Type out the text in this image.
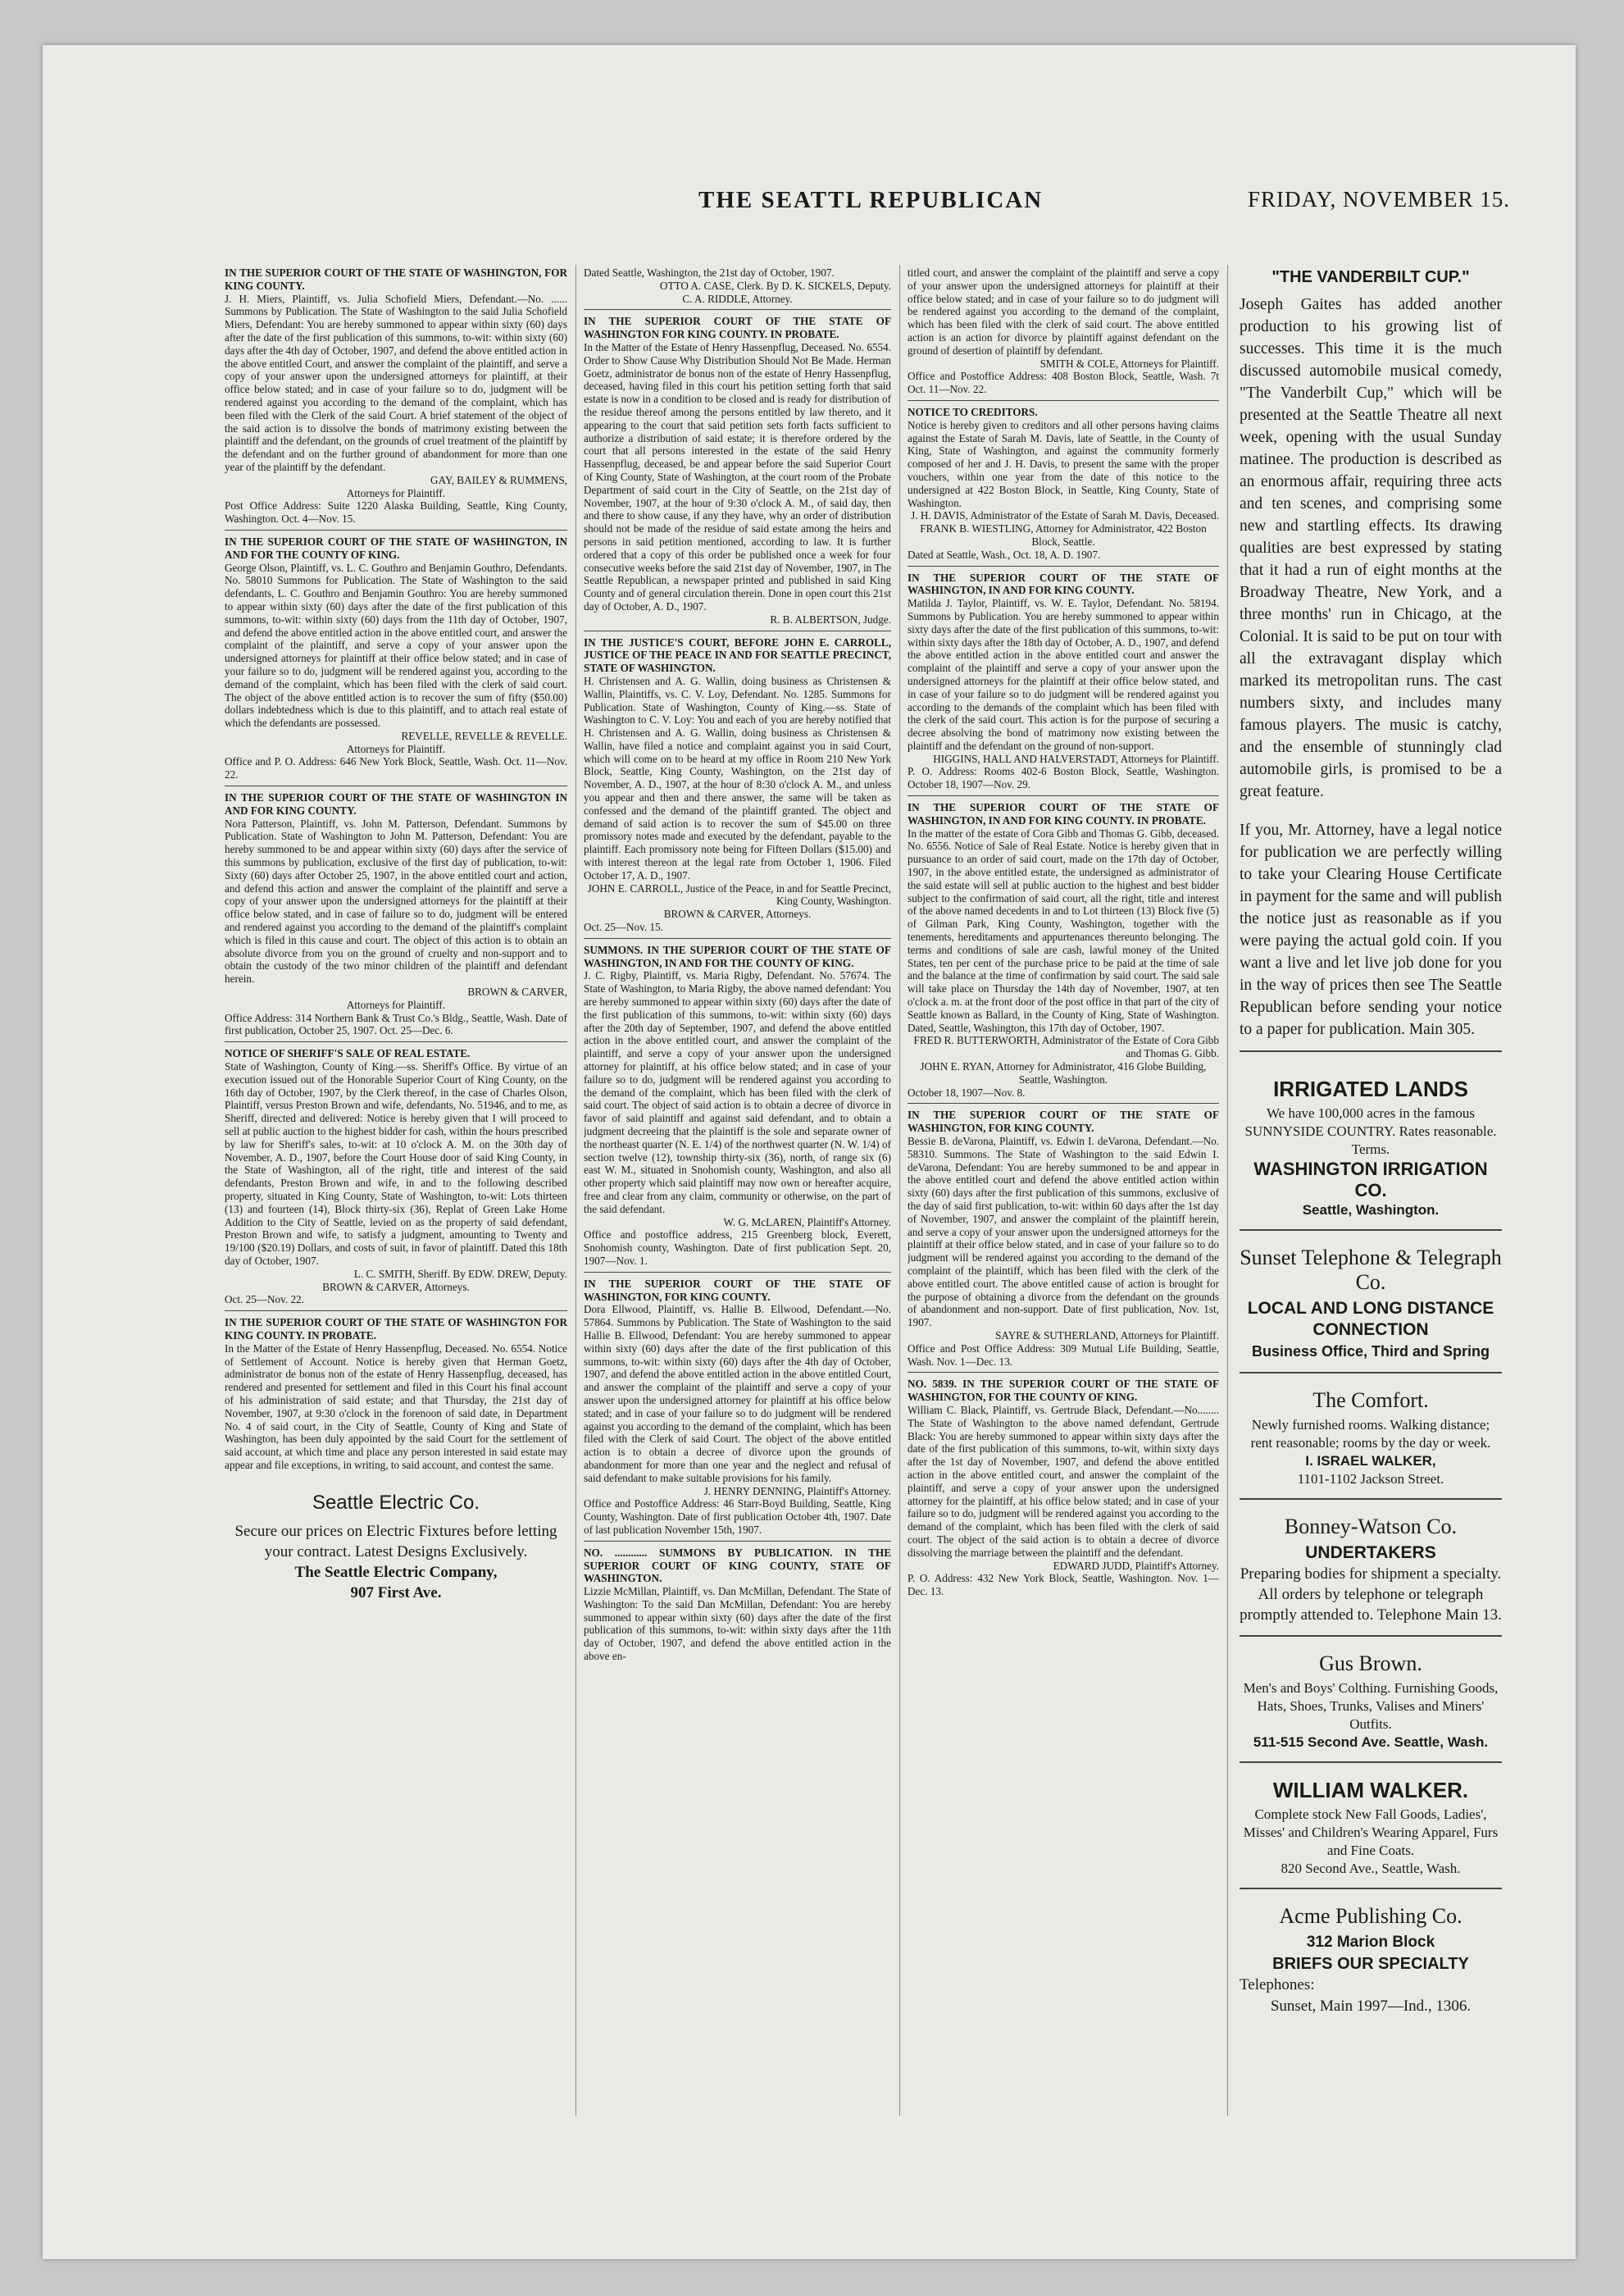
THE SEATTL REPUBLICAN	FRIDAY, NOVEMBER 15.
IN THE SUPERIOR COURT OF THE STATE OF WASHINGTON, FOR KING COUNTY.
J. H. Miers, Plaintiff, vs. Julia Schofield Miers, Defendant.—No. ...... Summons by Publication. The State of Washington to the said Julia Schofield Miers, Defendant: You are hereby summoned to appear within sixty (60) days after the date of the first publication of this summons, to-wit: within sixty (60) days after the 4th day of October, 1907, and defend the above entitled action in the above entitled Court, and answer the complaint of the plaintiff, and serve a copy of your answer upon the undersigned attorneys for plaintiff, at their office below stated; and in case of your failure so to do, judgment will be rendered against you according to the demand of the complaint, which has been filed with the Clerk of the said Court. A brief statement of the object of the said action is to dissolve the bonds of matrimony existing between the plaintiff and the defendant, on the grounds of cruel treatment of the plaintiff by the defendant and on the further ground of abandonment for more than one year of the plaintiff by the defendant.
GAY, BAILEY & RUMMENS,
Attorneys for Plaintiff.
Post Office Address: Suite 1220 Alaska Building, Seattle, King County, Washington. Oct. 4—Nov. 15.
IN THE SUPERIOR COURT OF THE STATE OF WASHINGTON, IN AND FOR THE COUNTY OF KING.
George Olson, Plaintiff, vs. L. C. Gouthro and Benjamin Gouthro, Defendants. No. 58010 Summons for Publication. The State of Washington to the said defendants, L. C. Gouthro and Benjamin Gouthro: You are hereby summoned to appear within sixty (60) days after the date of the first publication of this summons, to-wit: within sixty (60) days from the 11th day of October, 1907, and defend the above entitled action in the above entitled court, and answer the complaint of the plaintiff, and serve a copy of your answer upon the undersigned attorneys for plaintiff at their office below stated; and in case of your failure so to do, judgment will be rendered against you, according to the demand of the complaint, which has been filed with the clerk of said court. The object of the above entitled action is to recover the sum of fifty ($50.00) dollars indebtedness which is due to this plaintiff, and to attach real estate of which the defendants are possessed.
REVELLE, REVELLE & REVELLE.
Attorneys for Plaintiff.
Office and P. O. Address: 646 New York Block, Seattle, Wash. Oct. 11—Nov. 22.
IN THE SUPERIOR COURT OF THE STATE OF WASHINGTON IN AND FOR KING COUNTY.
Nora Patterson, Plaintiff, vs. John M. Patterson, Defendant. Summons by Publication. State of Washington to John M. Patterson, Defendant: You are hereby summoned to be and appear within sixty (60) days after the service of this summons by publication, exclusive of the first day of publication, to-wit: Sixty (60) days after October 25, 1907, in the above entitled court and action, and defend this action and answer the complaint of the plaintiff and serve a copy of your answer upon the undersigned attorneys for the plaintiff at their office below stated, and in case of failure so to do, judgment will be entered and rendered against you according to the demand of the plaintiff's complaint which is filed in this cause and court. The object of this action is to obtain an absolute divorce from you on the ground of cruelty and non-support and to obtain the custody of the two minor children of the plaintiff and defendant herein.
BROWN & CARVER,
Attorneys for Plaintiff.
Office Address: 314 Northern Bank & Trust Co.'s Bldg., Seattle, Wash. Date of first publication, October 25, 1907. Oct. 25—Dec. 6.
NOTICE OF SHERIFF'S SALE OF REAL ESTATE.
State of Washington, County of King.—ss. Sheriff's Office. By virtue of an execution issued out of the Honorable Superior Court of King County, on the 16th day of October, 1907, by the Clerk thereof, in the case of Charles Olson, Plaintiff, versus Preston Brown and wife, defendants, No. 51946, and to me, as Sheriff, directed and delivered: Notice is hereby given that I will proceed to sell at public auction to the highest bidder for cash, within the hours prescribed by law for Sheriff's sales, to-wit: at 10 o'clock A. M. on the 30th day of November, A. D., 1907, before the Court House door of said King County, in the State of Washington, all of the right, title and interest of the said defendants, Preston Brown and wife, in and to the following described property, situated in King County, State of Washington, to-wit: Lots thirteen (13) and fourteen (14), Block thirty-six (36), Replat of Green Lake Home Addition to the City of Seattle, levied on as the property of said defendant, Preston Brown and wife, to satisfy a judgment, amounting to Twenty and 19/100 ($20.19) Dollars, and costs of suit, in favor of plaintiff. Dated this 18th day of October, 1907.
L. C. SMITH, Sheriff. By EDW. DREW, Deputy.
BROWN & CARVER, Attorneys.
Oct. 25—Nov. 22.
IN THE SUPERIOR COURT OF THE STATE OF WASHINGTON FOR KING COUNTY. IN PROBATE.
In the Matter of the Estate of Henry Hassenpflug, Deceased. No. 6554. Notice of Settlement of Account. Notice is hereby given that Herman Goetz, administrator de bonus non of the estate of Henry Hassenpflug, deceased, has rendered and presented for settlement and filed in this Court his final account of his administration of said estate; and that Thursday, the 21st day of November, 1907, at 9:30 o'clock in the forenoon of said date, in Department No. 4 of said court, in the City of Seattle, County of King and State of Washington, has been duly appointed by the said Court for the settlement of said account, at which time and place any person interested in said estate may appear and file exceptions, in writing, to said account, and contest the same.
Seattle Electric Co.
Secure our prices on Electric Fixtures before letting your contract. Latest Designs Exclusively.
The Seattle Electric Company,
907 First Ave.
Dated Seattle, Washington, the 21st day of October, 1907.
OTTO A. CASE, Clerk. By D. K. SICKELS, Deputy.
C. A. RIDDLE, Attorney.
IN THE SUPERIOR COURT OF THE STATE OF WASHINGTON FOR KING COUNTY. IN PROBATE.
In the Matter of the Estate of Henry Hassenpflug, Deceased. No. 6554. Order to Show Cause Why Distribution Should Not Be Made. Herman Goetz, administrator de bonus non of the estate of Henry Hassenpflug, deceased, having filed in this court his petition setting forth that said estate is now in a condition to be closed and is ready for distribution of the residue thereof among the persons entitled by law thereto, and it appearing to the court that said petition sets forth facts sufficient to authorize a distribution of said estate; it is therefore ordered by the court that all persons interested in the estate of the said Henry Hassenpflug, deceased, be and appear before the said Superior Court of King County, State of Washington, at the court room of the Probate Department of said court in the City of Seattle, on the 21st day of November, 1907, at the hour of 9:30 o'clock A. M., of said day, then and there to show cause, if any they have, why an order of distribution should not be made of the residue of said estate among the heirs and persons in said petition mentioned, according to law. It is further ordered that a copy of this order be published once a week for four consecutive weeks before the said 21st day of November, 1907, in The Seattle Republican, a newspaper printed and published in said King County and of general circulation therein. Done in open court this 21st day of October, A. D., 1907.
R. B. ALBERTSON, Judge.
IN THE JUSTICE'S COURT, BEFORE JOHN E. CARROLL, JUSTICE OF THE PEACE IN AND FOR SEATTLE PRECINCT, STATE OF WASHINGTON.
H. Christensen and A. G. Wallin, doing business as Christensen & Wallin, Plaintiffs, vs. C. V. Loy, Defendant. No. 1285. Summons for Publication. State of Washington, County of King.—ss. State of Washington to C. V. Loy: You and each of you are hereby notified that H. Christensen and A. G. Wallin, doing business as Christensen & Wallin, have filed a notice and complaint against you in said Court, which will come on to be heard at my office in Room 210 New York Block, Seattle, King County, Washington, on the 21st day of November, A. D., 1907, at the hour of 8:30 o'clock A. M., and unless you appear and then and there answer, the same will be taken as confessed and the demand of the plaintiff granted. The object and demand of said action is to recover the sum of $45.00 on three promissory notes made and executed by the defendant, payable to the plaintiff. Each promissory note being for Fifteen Dollars ($15.00) and with interest thereon at the legal rate from October 1, 1906. Filed October 17, A. D., 1907.
JOHN E. CARROLL, Justice of the Peace, in and for Seattle Precinct, King County, Washington.
BROWN & CARVER, Attorneys.
Oct. 25—Nov. 15.
SUMMONS. IN THE SUPERIOR COURT OF THE STATE OF WASHINGTON, IN AND FOR THE COUNTY OF KING.
J. C. Rigby, Plaintiff, vs. Maria Rigby, Defendant. No. 57674. The State of Washington, to Maria Rigby, the above named defendant: You are hereby summoned to appear within sixty (60) days after the date of the first publication of this summons, to-wit: within sixty (60) days after the 20th day of September, 1907, and defend the above entitled action in the above entitled court, and answer the complaint of the plaintiff, and serve a copy of your answer upon the undersigned attorney for plaintiff, at his office below stated; and in case of your failure so to do, judgment will be rendered against you according to the demand of the complaint, which has been filed with the clerk of said court. The object of said action is to obtain a decree of divorce in favor of said plaintiff and against said defendant, and to obtain a judgment decreeing that the plaintiff is the sole and separate owner of the northeast quarter (N. E. 1/4) of the northwest quarter (N. W. 1/4) of section twelve (12), township thirty-six (36), north, of range six (6) east W. M., situated in Snohomish county, Washington, and also all other property which said plaintiff may now own or hereafter acquire, free and clear from any claim, community or otherwise, on the part of the said defendant.
W. G. McLAREN, Plaintiff's Attorney.
Office and postoffice address, 215 Greenberg block, Everett, Snohomish county, Washington. Date of first publication Sept. 20, 1907—Nov. 1.
IN THE SUPERIOR COURT OF THE STATE OF WASHINGTON, FOR KING COUNTY.
Dora Ellwood, Plaintiff, vs. Hallie B. Ellwood, Defendant.—No. 57864. Summons by Publication. The State of Washington to the said Hallie B. Ellwood, Defendant: You are hereby summoned to appear within sixty (60) days after the date of the first publication of this summons, to-wit: within sixty (60) days after the 4th day of October, 1907, and defend the above entitled action in the above entitled Court, and answer the complaint of the plaintiff and serve a copy of your answer upon the undersigned attorney for plaintiff at his office below stated; and in case of your failure so to do judgment will be rendered against you according to the demand of the complaint, which has been filed with the Clerk of said Court. The object of the above entitled action is to obtain a decree of divorce upon the grounds of abandonment for more than one year and the neglect and refusal of said defendant to make suitable provisions for his family.
J. HENRY DENNING, Plaintiff's Attorney.
Office and Postoffice Address: 46 Starr-Boyd Building, Seattle, King County, Washington. Date of first publication October 4th, 1907. Date of last publication November 15th, 1907.
NO. ............ SUMMONS BY PUBLICATION. IN THE SUPERIOR COURT OF KING COUNTY, STATE OF WASHINGTON.
Lizzie McMillan, Plaintiff, vs. Dan McMillan, Defendant. The State of Washington: To the said Dan McMillan, Defendant: You are hereby summoned to appear within sixty (60) days after the date of the first publication of this summons, to-wit: within sixty days after the 11th day of October, 1907, and defend the above entitled action in the above en-
titled court, and answer the complaint of the plaintiff and serve a copy of your answer upon the undersigned attorneys for plaintiff at their office below stated; and in case of your failure so to do judgment will be rendered against you according to the demand of the complaint, which has been filed with the clerk of said court. The above entitled action is an action for divorce by plaintiff against defendant on the ground of desertion of plaintiff by defendant.
SMITH & COLE, Attorneys for Plaintiff.
Office and Postoffice Address: 408 Boston Block, Seattle, Wash. 7t Oct. 11—Nov. 22.
NOTICE TO CREDITORS.
Notice is hereby given to creditors and all other persons having claims against the Estate of Sarah M. Davis, late of Seattle, in the County of King, State of Washington, and against the community formerly composed of her and J. H. Davis, to present the same with the proper vouchers, within one year from the date of this notice to the undersigned at 422 Boston Block, in Seattle, King County, State of Washington.
J. H. DAVIS, Administrator of the Estate of Sarah M. Davis, Deceased.
FRANK B. WIESTLING, Attorney for Administrator, 422 Boston Block, Seattle.
Dated at Seattle, Wash., Oct. 18, A. D. 1907.
IN THE SUPERIOR COURT OF THE STATE OF WASHINGTON, IN AND FOR KING COUNTY.
Matilda J. Taylor, Plaintiff, vs. W. E. Taylor, Defendant. No. 58194. Summons by Publication. You are hereby summoned to appear within sixty days after the date of the first publication of this summons, to-wit: within sixty days after the 18th day of October, A. D., 1907, and defend the above entitled action in the above entitled court and answer the complaint of the plaintiff and serve a copy of your answer upon the undersigned attorneys for the plaintiff at their office below stated, and in case of your failure so to do judgment will be rendered against you according to the demands of the complaint which has been filed with the clerk of the said court. This action is for the purpose of securing a decree absolving the bond of matrimony now existing between the plaintiff and the defendant on the ground of non-support.
HIGGINS, HALL AND HALVERSTADT, Attorneys for Plaintiff.
P. O. Address: Rooms 402-6 Boston Block, Seattle, Washington. October 18, 1907—Nov. 29.
IN THE SUPERIOR COURT OF THE STATE OF WASHINGTON, IN AND FOR KING COUNTY. IN PROBATE.
In the matter of the estate of Cora Gibb and Thomas G. Gibb, deceased. No. 6556. Notice of Sale of Real Estate. Notice is hereby given that in pursuance to an order of said court, made on the 17th day of October, 1907, in the above entitled estate, the undersigned as administrator of the said estate will sell at public auction to the highest and best bidder subject to the confirmation of said court, all the right, title and interest of the above named decedents in and to Lot thirteen (13) Block five (5) of Gilman Park, King County, Washington, together with the tenements, hereditaments and appurtenances thereunto belonging. The terms and conditions of sale are cash, lawful money of the United States, ten per cent of the purchase price to be paid at the time of sale and the balance at the time of confirmation by said court. The said sale will take place on Thursday the 14th day of November, 1907, at ten o'clock a. m. at the front door of the post office in that part of the city of Seattle known as Ballard, in the County of King, State of Washington. Dated, Seattle, Washington, this 17th day of October, 1907.
FRED R. BUTTERWORTH, Administrator of the Estate of Cora Gibb and Thomas G. Gibb.
JOHN E. RYAN, Attorney for Administrator, 416 Globe Building, Seattle, Washington.
October 18, 1907—Nov. 8.
IN THE SUPERIOR COURT OF THE STATE OF WASHINGTON, FOR KING COUNTY.
Bessie B. deVarona, Plaintiff, vs. Edwin I. deVarona, Defendant.—No. 58310. Summons. The State of Washington to the said Edwin I. deVarona, Defendant: You are hereby summoned to be and appear in the above entitled court and defend the above entitled action within sixty (60) days after the first publication of this summons, exclusive of the day of said first publication, to-wit: within 60 days after the 1st day of November, 1907, and answer the complaint of the plaintiff herein, and serve a copy of your answer upon the undersigned attorneys for the plaintiff at their office below stated, and in case of your failure so to do judgment will be rendered against you according to the demand of the complaint of the plaintiff, which has been filed with the clerk of the above entitled court. The above entitled cause of action is brought for the purpose of obtaining a divorce from the defendant on the grounds of abandonment and non-support. Date of first publication, Nov. 1st, 1907.
SAYRE & SUTHERLAND, Attorneys for Plaintiff.
Office and Post Office Address: 309 Mutual Life Building, Seattle, Wash. Nov. 1—Dec. 13.
NO. 5839. IN THE SUPERIOR COURT OF THE STATE OF WASHINGTON, FOR THE COUNTY OF KING.
William C. Black, Plaintiff, vs. Gertrude Black, Defendant.—No........ The State of Washington to the above named defendant, Gertrude Black: You are hereby summoned to appear within sixty days after the date of the first publication of this summons, to-wit, within sixty days after the 1st day of November, 1907, and defend the above entitled action in the above entitled court, and answer the complaint of the plaintiff, and serve a copy of your answer upon the undersigned attorney for the plaintiff, at his office below stated; and in case of your failure so to do, judgment will be rendered against you according to the demand of the complaint, which has been filed with the clerk of said court. The object of the said action is to obtain a decree of divorce dissolving the marriage between the plaintiff and the defendant.
EDWARD JUDD, Plaintiff's Attorney.
P. O. Address: 432 New York Block, Seattle, Washington. Nov. 1—Dec. 13.
"THE VANDERBILT CUP."
Joseph Gaites has added another production to his growing list of successes. This time it is the much discussed automobile musical comedy, "The Vanderbilt Cup," which will be presented at the Seattle Theatre all next week, opening with the usual Sunday matinee. The production is described as an enormous affair, requiring three acts and ten scenes, and comprising some new and startling effects. Its drawing qualities are best expressed by stating that it had a run of eight months at the Broadway Theatre, New York, and a three months' run in Chicago, at the Colonial. It is said to be put on tour with all the extravagant display which marked its metropolitan runs. The cast numbers sixty, and includes many famous players. The music is catchy, and the ensemble of stunningly clad automobile girls, is promised to be a great feature.
If you, Mr. Attorney, have a legal notice for publication we are perfectly willing to take your Clearing House Certificate in payment for the same and will publish the notice just as reasonable as if you were paying the actual gold coin. If you want a live and let live job done for you in the way of prices then see The Seattle Republican before sending your notice to a paper for publication. Main 305.
IRRIGATED LANDS
We have 100,000 acres in the famous SUNNYSIDE COUNTRY. Rates reasonable. Terms.
WASHINGTON IRRIGATION CO.
Seattle, Washington.
Sunset Telephone & Telegraph Co.
LOCAL AND LONG DISTANCE CONNECTION
Business Office, Third and Spring
The Comfort.
Newly furnished rooms. Walking distance; rent reasonable; rooms by the day or week.
I. ISRAEL WALKER,
1101-1102 Jackson Street.
Bonney-Watson Co.
UNDERTAKERS
Preparing bodies for shipment a specialty. All orders by telephone or telegraph promptly attended to. Telephone Main 13.
Gus Brown.
Men's and Boys' Colthing. Furnishing Goods, Hats, Shoes, Trunks, Valises and Miners' Outfits.
511-515 Second Ave. Seattle, Wash.
WILLIAM WALKER.
Complete stock New Fall Goods, Ladies', Misses' and Children's Wearing Apparel, Furs and Fine Coats.
820 Second Ave., Seattle, Wash.
Acme Publishing Co.
312 Marion Block
BRIEFS OUR SPECIALTY
Telephones:
Sunset, Main 1997—Ind., 1306.
